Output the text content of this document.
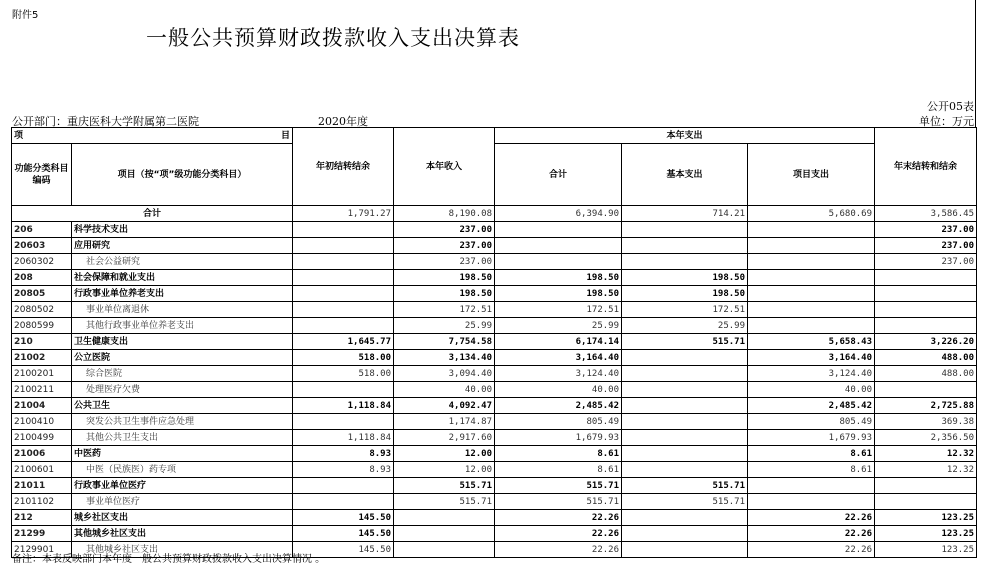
附件5
一般公共预算财政拨款收入支出决算表
公开05表
公开部门：重庆医科大学附属第二医院	2020年度	单位：万元
项 目		年初结转结余	本年收入	本年支出			年末结转和结余
功能分类科目编码	项目（按“项”级功能分类科目）			合计	基本支出	项目支出	
合计		1,791.27	8,190.08	6,394.90	714.21	5,680.69	3,586.45
206	科学技术支出		237.00				237.00
20603	应用研究		237.00				237.00
2060302	社会公益研究		237.00				237.00
208	社会保障和就业支出		198.50	198.50	198.50		
20805	行政事业单位养老支出		198.50	198.50	198.50		
2080502	事业单位离退休		172.51	172.51	172.51		
2080599	其他行政事业单位养老支出		25.99	25.99	25.99		
210	卫生健康支出	1,645.77	7,754.58	6,174.14	515.71	5,658.43	3,226.20
21002	公立医院	518.00	3,134.40	3,164.40		3,164.40	488.00
2100201	综合医院	518.00	3,094.40	3,124.40		3,124.40	488.00
2100211	处理医疗欠费		40.00	40.00		40.00	
21004	公共卫生	1,118.84	4,092.47	2,485.42		2,485.42	2,725.88
2100410	突发公共卫生事件应急处理		1,174.87	805.49		805.49	369.38
2100499	其他公共卫生支出	1,118.84	2,917.60	1,679.93		1,679.93	2,356.50
21006	中医药	8.93	12.00	8.61		8.61	12.32
2100601	中医（民族医）药专项	8.93	12.00	8.61		8.61	12.32
21011	行政事业单位医疗		515.71	515.71	515.71		
2101102	事业单位医疗		515.71	515.71	515.71		
212	城乡社区支出	145.50		22.26		22.26	123.25
21299	其他城乡社区支出	145.50		22.26		22.26	123.25
2129901	其他城乡社区支出	145.50		22.26		22.26	123.25
备注：本表反映部门本年度一般公共预算财政拨款收入支出决算情况 。
